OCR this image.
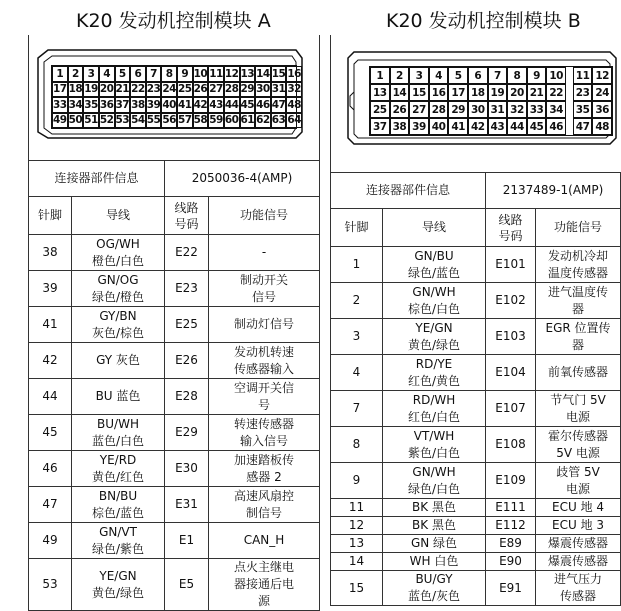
K20 发动机控制模块 A
1 2 3 4 5 6 7 8 9 10 11 12 13 14 15 16
17 18 19 20 21 22 23 24 25 26 27 28 29 30 31 32
33 34 35 36 37 38 39 40 41 42 43 44 45 46 47 48
49 50 51 52 53 54 55 56 57 58 59 60 61 62 63 64
连接器部件信息		2050036-4(AMP)	
针脚	导线	线路号码	功能信号
38	OG/WH
橙色/白色	E22	-
39	GN/OG
绿色/橙色	E23	制动开关
信号
41	GY/BN
灰色/棕色	E25	制动灯信号
42	GY 灰色	E26	发动机转速
传感器输入
44	BU 蓝色	E28	空调开关信
号
45	BU/WH
蓝色/白色	E29	转速传感器
输入信号
46	YE/RD
黄色/红色	E30	加速踏板传
感器 2
47	BN/BU
棕色/蓝色	E31	高速风扇控
制信号
49	GN/VT
绿色/紫色	E1	CAN_H
53	YE/GN
黄色/绿色	E5	点火主继电
器接通后电
源
K20 发动机控制模块 B
1	2	3	4	5	6	7	8	9 10 11 12
13 14 15 16 17 18 19 20 21 22 23 24
25 26 27 28 29 30 31 32 33 34 35 36
37 38 39 40 41 42 43 44 45 46 47 48
连接器部件信息		2137489-1(AMP)	
针脚	导线	线路号码	功能信号
1	GN/BU
绿色/蓝色	E101	发动机冷却
温度传感器
2	GN/WH
棕色/白色	E102	进气温度传
器
3	YE/GN
黄色/绿色	E103	EGR 位置传
器
4	RD/YE
红色/黄色	E104	前氧传感器
7	RD/WH
红色/白色	E107	节气门 5V
电源
8	VT/WH
紫色/白色	E108	霍尔传感器
5V 电源
9	GN/WH
绿色/白色	E109	歧管 5V
电源
11	BK 黑色	E111	ECU 地 4
12	BK 黑色	E112	ECU 地 3
13	GN 绿色	E89	爆震传感器
14	WH 白色	E90	爆震传感器
15	BU/GY
蓝色/灰色	E91	进气压力
传感器
